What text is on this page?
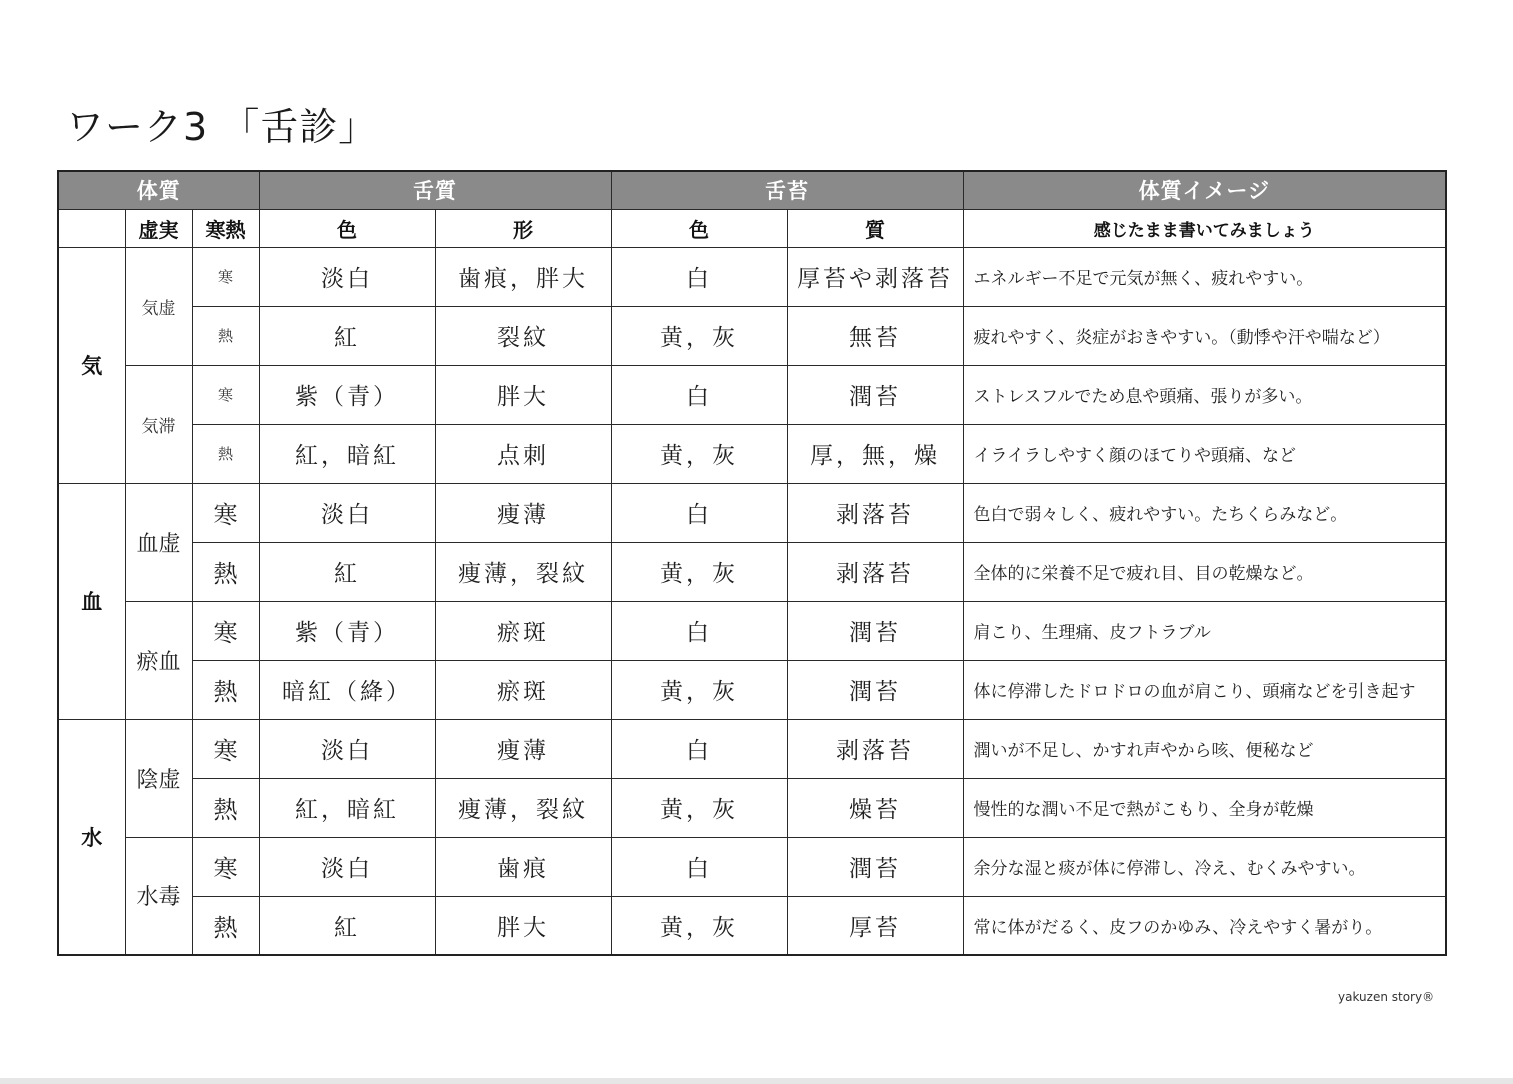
ワーク3 「舌診」
体質			舌質		舌苔		体質イメージ
	虚実	寒熱	色	形	色	質	感じたまま書いてみましょう
気	気虚	寒	淡白	歯痕，胖大	白	厚苔や剥落苔	エネルギー不足で元気が無く、疲れやすい。
		熱	紅	裂紋	黄，灰	無苔	疲れやすく、炎症がおきやすい。（動悸や汗や喘など）
	気滞	寒	紫（青）	胖大	白	潤苔	ストレスフルでため息や頭痛、張りが多い。
		熱	紅，暗紅	点刺	黄，灰	厚，無，燥	イライラしやすく顔のほてりや頭痛、など
血	血虚	寒	淡白	痩薄	白	剥落苔	色白で弱々しく、疲れやすい。たちくらみなど。
		熱	紅	痩薄，裂紋	黄，灰	剥落苔	全体的に栄養不足で疲れ目、目の乾燥など。
	瘀血	寒	紫（青）	瘀斑	白	潤苔	肩こり、生理痛、皮フトラブル
		熱	暗紅（絳）	瘀斑	黄，灰	潤苔	体に停滞したドロドロの血が肩こり、頭痛などを引き起す
水	陰虚	寒	淡白	痩薄	白	剥落苔	潤いが不足し、かすれ声やから咳、便秘など
		熱	紅，暗紅	痩薄，裂紋	黄，灰	燥苔	慢性的な潤い不足で熱がこもり、全身が乾燥
	水毒	寒	淡白	歯痕	白	潤苔	余分な湿と痰が体に停滞し、冷え、むくみやすい。
		熱	紅	胖大	黄，灰	厚苔	常に体がだるく、皮フのかゆみ、冷えやすく暑がり。
yakuzen story®
